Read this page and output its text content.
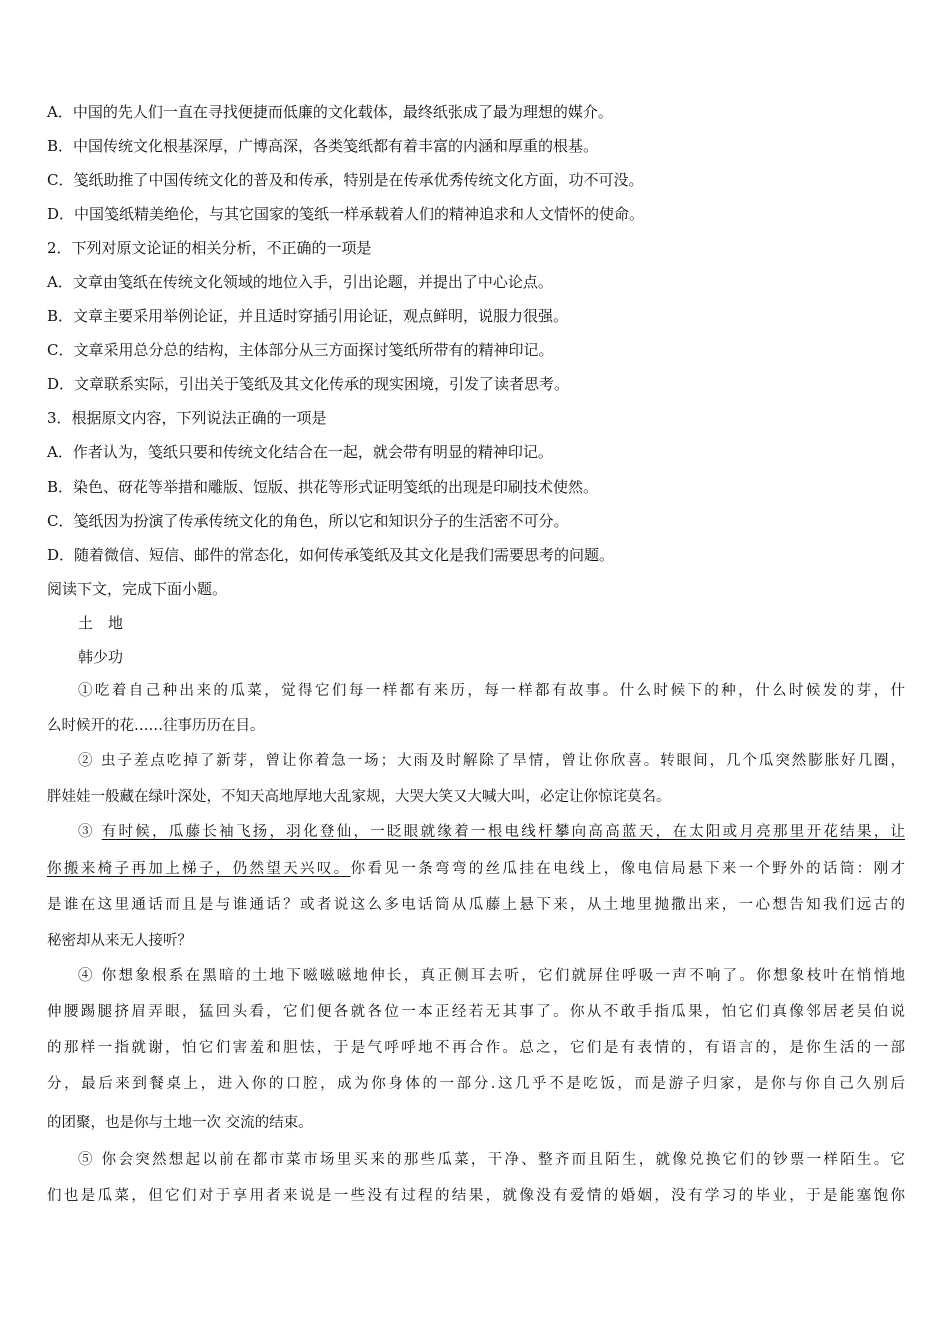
A．中国的先人们一直在寻找便捷而低廉的文化载体，最终纸张成了最为理想的媒介。
B．中国传统文化根基深厚，广博高深，各类笺纸都有着丰富的内涵和厚重的根基。
C．笺纸助推了中国传统文化的普及和传承，特别是在传承优秀传统文化方面，功不可没。
D．中国笺纸精美绝伦，与其它国家的笺纸一样承载着人们的精神追求和人文情怀的使命。
2．下列对原文论证的相关分析，不正确的一项是
A．文章由笺纸在传统文化领域的地位入手，引出论题，并提出了中心论点。
B．文章主要采用举例论证，并且适时穿插引用论证，观点鲜明，说服力很强。
C．文章采用总分总的结构，主体部分从三方面探讨笺纸所带有的精神印记。
D．文章联系实际，引出关于笺纸及其文化传承的现实困境，引发了读者思考。
3．根据原文内容，下列说法正确的一项是
A．作者认为，笺纸只要和传统文化结合在一起，就会带有明显的精神印记。
B．染色、砑花等举措和雕版、饾版、拱花等形式证明笺纸的出现是印刷技术使然。
C．笺纸因为扮演了传承传统文化的角色，所以它和知识分子的生活密不可分。
D．随着微信、短信、邮件的常态化，如何传承笺纸及其文化是我们需要思考的问题。
阅读下文，完成下面小题。
土　地
韩少功
①吃着自己种出来的瓜菜，觉得它们每一样都有来历，每一样都有故事。什么时候下的种，什么时候发的芽，什
么时候开的花……往事历历在目。
② 虫子差点吃掉了新芽，曾让你着急一场；大雨及时解除了旱情，曾让你欣喜。转眼间，几个瓜突然膨胀好几圈，
胖娃娃一般藏在绿叶深处，不知天高地厚地大乱家规，大哭大笑又大喊大叫，必定让你惊诧莫名。
③ 有时候，瓜藤长袖飞扬，羽化登仙，一眨眼就缘着一根电线杆攀向高高蓝天，在太阳或月亮那里开花结果，让
你搬来椅子再加上梯子，仍然望天兴叹。你看见一条弯弯的丝瓜挂在电线上，像电信局悬下来一个野外的话筒：刚才
是谁在这里通话而且是与谁通话？或者说这么多电话筒从瓜藤上悬下来，从土地里抛撒出来，一心想告知我们远古的
秘密却从来无人接听？
④ 你想象根系在黑暗的土地下嗞嗞嗞地伸长，真正侧耳去听，它们就屏住呼吸一声不响了。你想象枝叶在悄悄地
伸腰踢腿挤眉弄眼，猛回头看，它们便各就各位一本正经若无其事了。你从不敢手指瓜果，怕它们真像邻居老吴伯说
的那样一指就谢，怕它们害羞和胆怯，于是气呼呼地不再合作。总之，它们是有表情的，有语言的，是你生活的一部
分，最后来到餐桌上，进入你的口腔，成为你身体的一部分.这几乎不是吃饭，而是游子归家，是你与你自己久别后
的团聚，也是你与土地一次 交流的结束。
⑤ 你会突然想起以前在都市菜市场里买来的那些瓜菜，干净、整齐而且陌生，就像兑换它们的钞票一样陌生。它
们也是瓜菜，但它们对于享用者来说是一些没有过程的结果，就像没有爱情的婚姻，没有学习的毕业，于是能塞饱你
